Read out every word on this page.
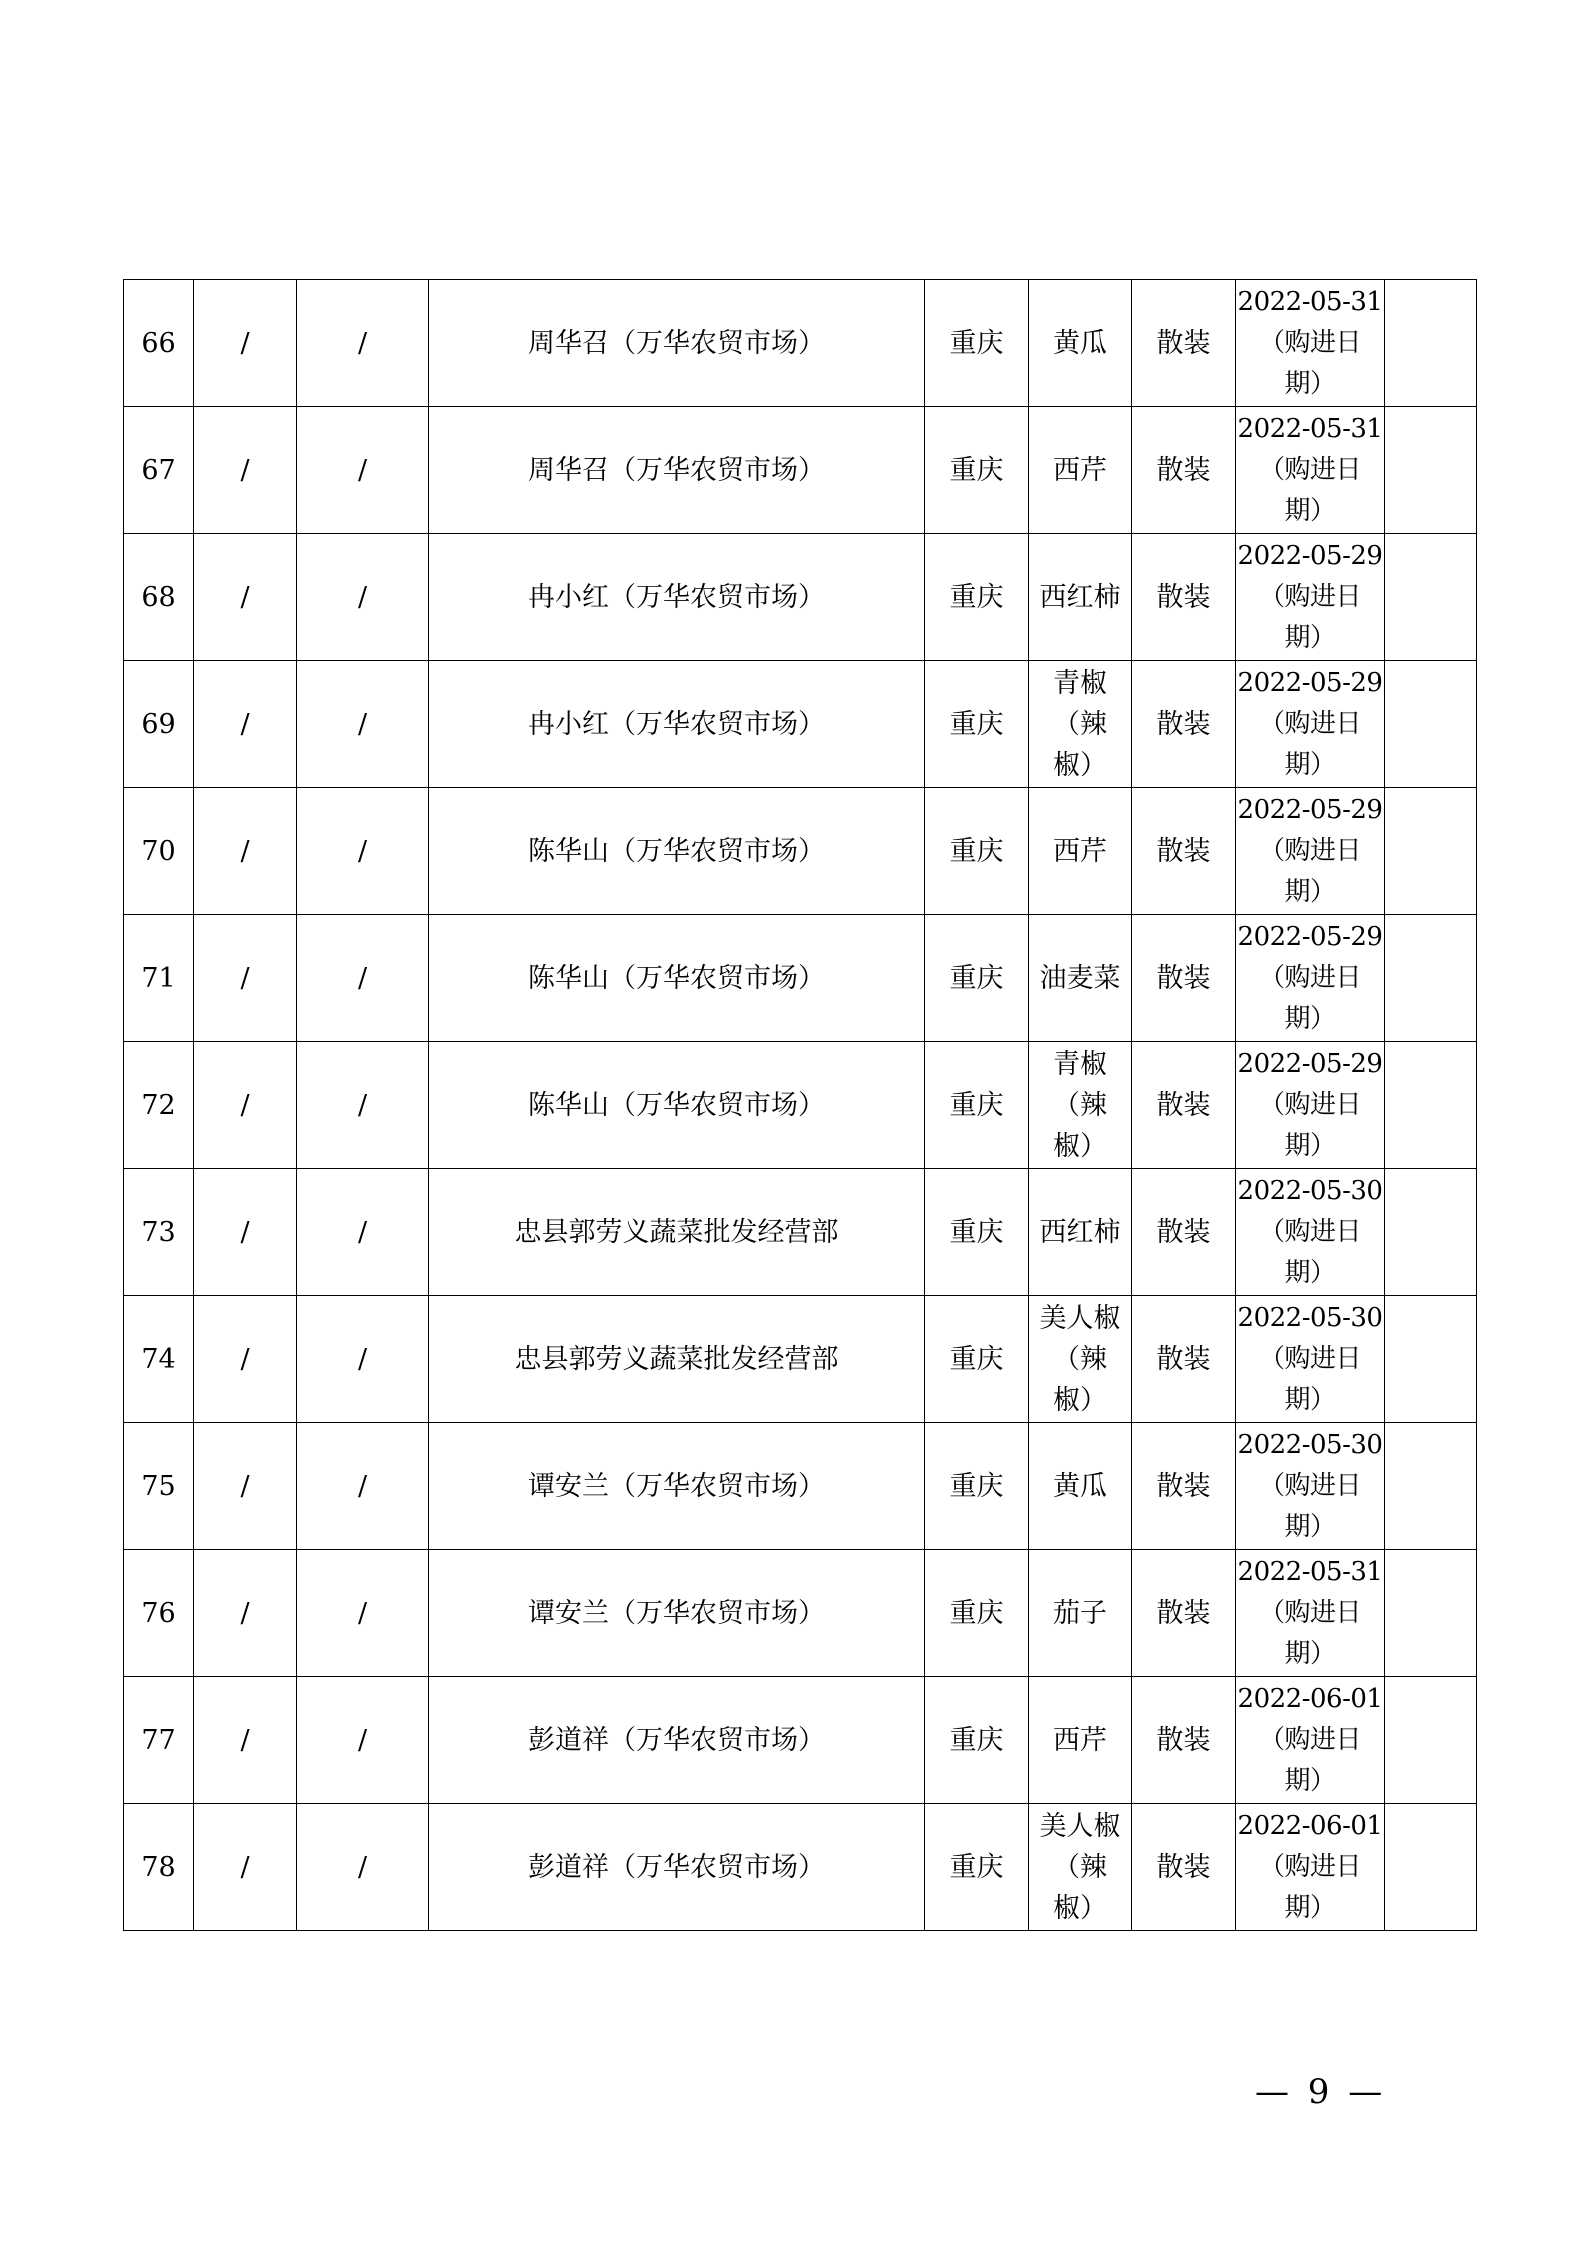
66	/	/	周华召（万华农贸市场）	重庆	黄瓜	散装	2022-05-31
（购进日
期）	

67	/	/	周华召（万华农贸市场）	重庆	西芹	散装	2022-05-31
（购进日
期）	

68	/	/	冉小红（万华农贸市场）	重庆	西红柿	散装	2022-05-29
（购进日
期）	

69	/	/	冉小红（万华农贸市场）	重庆	青椒
（辣
椒）	散装	2022-05-29
（购进日
期）	

70	/	/	陈华山（万华农贸市场）	重庆	西芹	散装	2022-05-29
（购进日
期）	

71	/	/	陈华山（万华农贸市场）	重庆	油麦菜	散装	2022-05-29
（购进日
期）	

72	/	/	陈华山（万华农贸市场）	重庆	青椒
（辣
椒）	散装	2022-05-29
（购进日
期）	

73	/	/	忠县郭劳义蔬菜批发经营部	重庆	西红柿	散装	2022-05-30
（购进日
期）	

74	/	/	忠县郭劳义蔬菜批发经营部	重庆	美人椒
（辣
椒）	散装	2022-05-30
（购进日
期）	

75	/	/	谭安兰（万华农贸市场）	重庆	黄瓜	散装	2022-05-30
（购进日
期）	

76	/	/	谭安兰（万华农贸市场）	重庆	茄子	散装	2022-05-31
（购进日
期）	

77	/	/	彭道祥（万华农贸市场）	重庆	西芹	散装	2022-06-01
（购进日
期）	

78	/	/	彭道祥（万华农贸市场）	重庆	美人椒
（辣
椒）	散装	2022-06-01
（购进日
期）	

— 9 —
